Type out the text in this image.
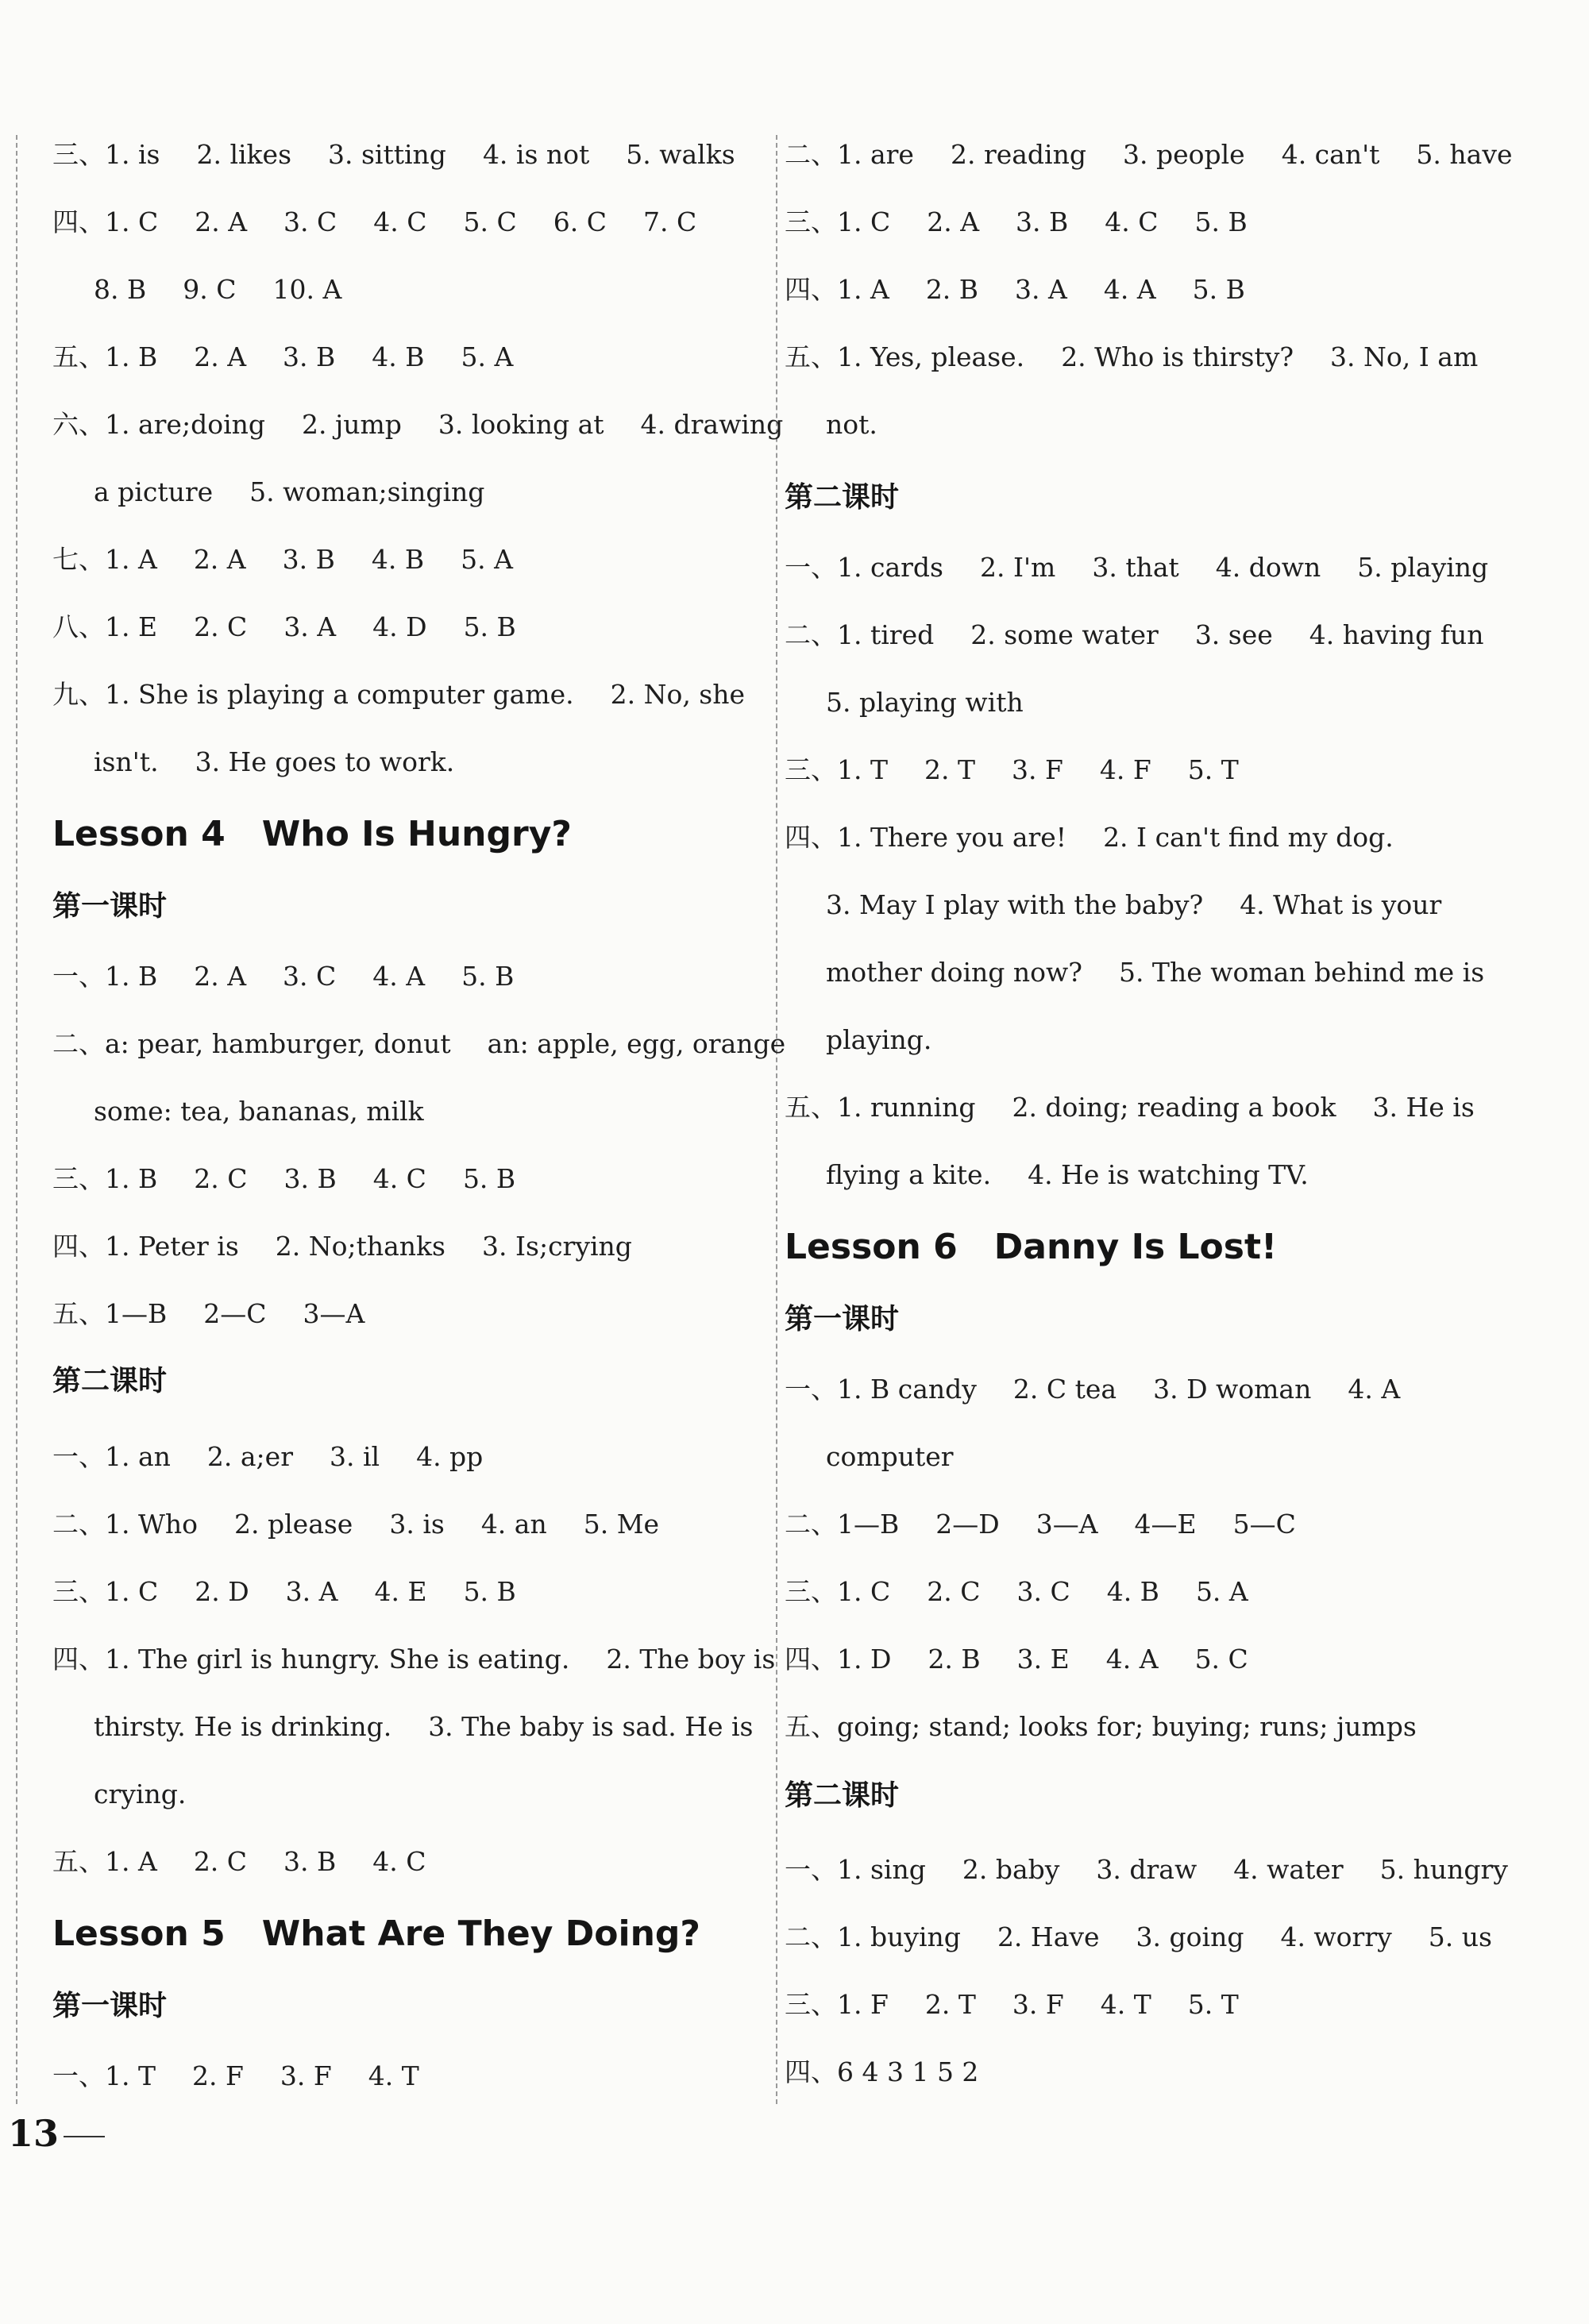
三、1. is 2. likes 3. sitting 4. is not 5. walks
四、1. C 2. A 3. C 4. C 5. C 6. C 7. C
8. B 9. C 10. A
五、1. B 2. A 3. B 4. B 5. A
六、1. are;doing 2. jump 3. looking at 4. drawing
a picture 5. woman;singing
七、1. A 2. A 3. B 4. B 5. A
八、1. E 2. C 3. A 4. D 5. B
九、1. She is playing a computer game. 2. No, she
isn't. 3. He goes to work.
Lesson 4 Who Is Hungry?
第一课时
一、1. B 2. A 3. C 4. A 5. B
二、a: pear, hamburger, donut an: apple, egg, orange
some: tea, bananas, milk
三、1. B 2. C 3. B 4. C 5. B
四、1. Peter is 2. No;thanks 3. Is;crying
五、1—B 2—C 3—A
第二课时
一、1. an 2. a;er 3. il 4. pp
二、1. Who 2. please 3. is 4. an 5. Me
三、1. C 2. D 3. A 4. E 5. B
四、1. The girl is hungry. She is eating. 2. The boy is
thirsty. He is drinking. 3. The baby is sad. He is
crying.
五、1. A 2. C 3. B 4. C
Lesson 5 What Are They Doing?
第一课时
一、1. T 2. F 3. F 4. T
二、1. are 2. reading 3. people 4. can't 5. have
三、1. C 2. A 3. B 4. C 5. B
四、1. A 2. B 3. A 4. A 5. B
五、1. Yes, please. 2. Who is thirsty? 3. No, I am
not.
第二课时
一、1. cards 2. I'm 3. that 4. down 5. playing
二、1. tired 2. some water 3. see 4. having fun
5. playing with
三、1. T 2. T 3. F 4. F 5. T
四、1. There you are! 2. I can't find my dog.
3. May I play with the baby? 4. What is your
mother doing now? 5. The woman behind me is
playing.
五、1. running 2. doing; reading a book 3. He is
flying a kite. 4. He is watching TV.
Lesson 6 Danny Is Lost!
第一课时
一、1. B candy 2. C tea 3. D woman 4. A
computer
二、1—B 2—D 3—A 4—E 5—C
三、1. C 2. C 3. C 4. B 5. A
四、1. D 2. B 3. E 4. A 5. C
五、going; stand; looks for; buying; runs; jumps
第二课时
一、1. sing 2. baby 3. draw 4. water 5. hungry
二、1. buying 2. Have 3. going 4. worry 5. us
三、1. F 2. T 3. F 4. T 5. T
四、6 4 3 1 5 2
13
